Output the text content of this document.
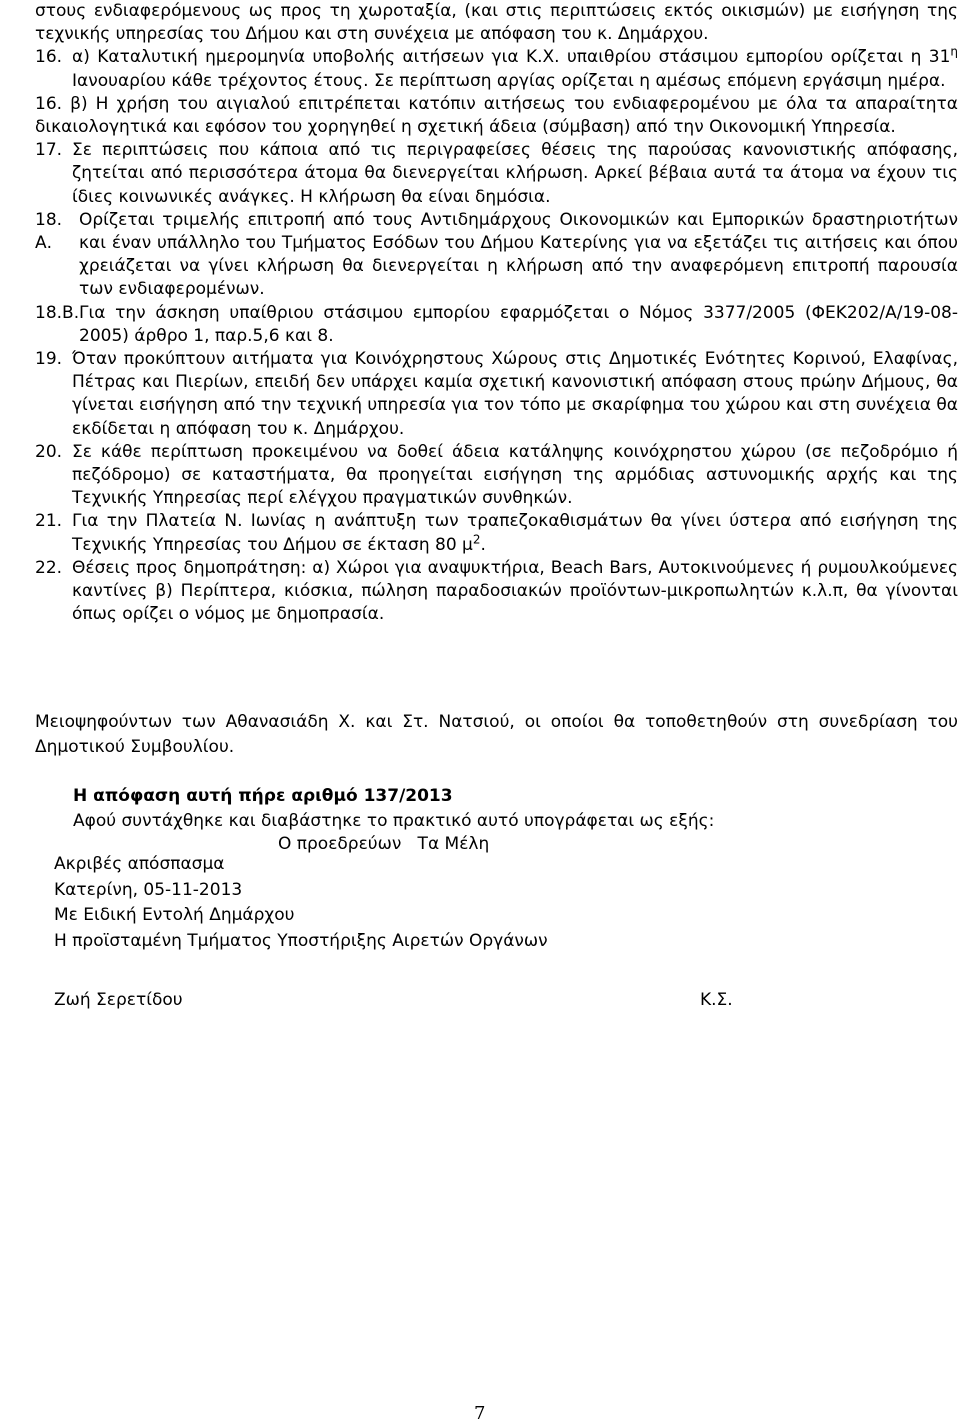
στους ενδιαφερόμενους ως προς τη χωροταξία, (και στις περιπτώσεις εκτός οικισμών) με εισήγηση της τεχνικής υπηρεσίας του Δήμου και στη συνέχεια με απόφαση του κ. Δημάρχου.

16. α) Καταλυτική ημερομηνία υποβολής αιτήσεων για Κ.Χ. υπαιθρίου στάσιμου εμπορίου ορίζεται η $31^\eta$ Ιανουαρίου κάθε τρέχοντος έτους. Σε περίπτωση αργίας ορίζεται η αμέσως επόμενη εργάσιμη ημέρα.
16. β) Η χρήση του αιγιαλού επιτρέπεται κατόπιν αιτήσεως του ενδιαφερομένου με όλα τα απαραίτητα δικαιολογητικά και εφόσον του χορηγηθεί η σχετική άδεια (σύμβαση) από την Οικονομική Υπηρεσία.
17. Σε περιπτώσεις που κάποια από τις περιγραφείσες θέσεις της παρούσας κανονιστικής απόφασης, ζητείται από περισσότερα άτομα θα διενεργείται κλήρωση. Αρκεί βέβαια αυτά τα άτομα να έχουν τις ίδιες κοινωνικές ανάγκες. Η κλήρωση θα είναι δημόσια.
18. Α.
Ορίζεται τριμελής επιτροπή από τους Αντιδημάρχους Οικονομικών και Εμπορικών δραστηριοτήτων και έναν υπάλληλο του Τμήματος Εσόδων του Δήμου Κατερίνης για να εξετάζει τις αιτήσεις και όπου χρειάζεται να γίνει κλήρωση θα διενεργείται η κλήρωση από την αναφερόμενη επιτροπή παρουσία των ενδιαφερομένων.
18.Β. Για την άσκηση υπαίθριου στάσιμου εμπορίου εφαρμόζεται ο Νόμος 3377/2005 (ΦΕΚ202/Α/19-08-2005) άρθρο 1, παρ.5,6 και 8.
19. Όταν προκύπτουν αιτήματα για Κοινόχρηστους Χώρους στις Δημοτικές Ενότητες Κορινού, Ελαφίνας, Πέτρας και Πιερίων, επειδή δεν υπάρχει καμία σχετική κανονιστική απόφαση στους πρώην Δήμους, θα γίνεται εισήγηση από την τεχνική υπηρεσία για τον τόπο με σκαρίφημα του χώρου και στη συνέχεια θα εκδίδεται η απόφαση του κ. Δημάρχου.
20. Σε κάθε περίπτωση προκειμένου να δοθεί άδεια κατάληψης κοινόχρηστου χώρου (σε πεζοδρόμιο ή πεζόδρομο) σε καταστήματα, θα προηγείται εισήγηση της αρμόδιας αστυνομικής αρχής και της Τεχνικής Υπηρεσίας περί ελέγχου πραγματικών συνθηκών.
21. Για την Πλατεία Ν. Ιωνίας η ανάπτυξη των τραπεζοκαθισμάτων θα γίνει ύστερα από εισήγηση της Τεχνικής Υπηρεσίας του Δήμου σε έκταση 80 $\mu^2$.
22. Θέσεις προς δημοπράτηση: α) Χώροι για αναψυκτήρια, Beach Bars, Αυτοκινούμενες ή ρυμουλκούμενες καντίνες β) Περίπτερα, κιόσκια, πώληση παραδοσιακών προϊόντων-μικροπωλητών κ.λ.π, θα γίνονται όπως ορίζει ο νόμος με δημοπρασία.
Μειοψηφούντων των Αθανασιάδη Χ. και Στ. Νατσιού, οι οποίοι θα τοποθετηθούν στη συνεδρίαση του Δημοτικού Συμβουλίου.
Η απόφαση αυτή πήρε αριθμό 137/2013
Αφού συντάχθηκε και διαβάστηκε το πρακτικό αυτό υπογράφεται ως εξής:
Ο προεδρεύων   Τα Μέλη
Ακριβές απόσπασμα
Κατερίνη, 05-11-2013
Με Ειδική Εντολή Δημάρχου
Η προϊσταμένη Τμήματος Υποστήριξης Αιρετών Οργάνων
Ζωή Σερετίδου	Κ.Σ.
7
